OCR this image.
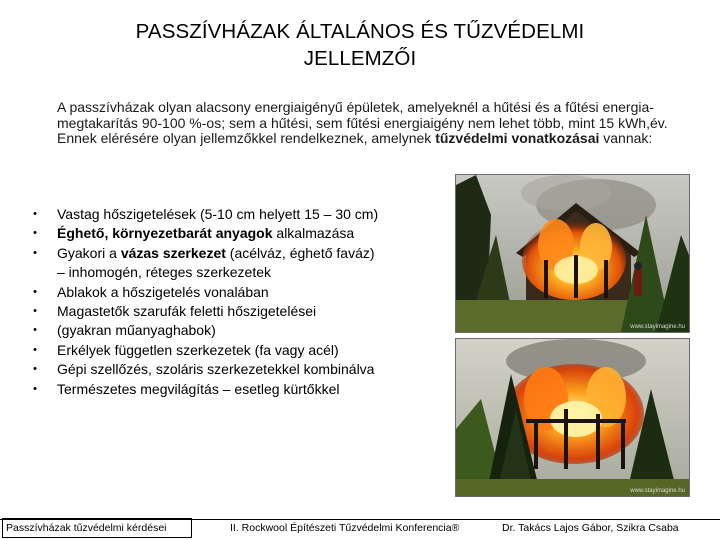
PASSZÍVHÁZAK ÁLTALÁNOS ÉS TŰZVÉDELMI
JELLEMZŐI
A passzívházak olyan alacsony energiaigényű épületek, amelyeknél a hűtési és a fűtési energia-megtakarítás 90-100 %-os; sem a hűtési, sem fűtési energiaigény nem lehet több, mint 15 kWh,év. Ennek elérésére olyan jellemzőkkel rendelkeznek, amelynek tűzvédelmi vonatkozásai vannak:
• Vastag hőszigetelések (5-10 cm helyett 15 – 30 cm)
• Éghető, környezetbarát anyagok alkalmazása
• Gyakori a vázas szerkezet (acélváz, éghető faváz)
– inhomogén, réteges szerkezetek
• Ablakok a hőszigetelés vonalában
• Magastetők szarufák feletti hőszigetelései
• (gyakran műanyaghabok)
• Erkélyek független szerkezetek (fa vagy acél)
• Gépi szellőzés, szoláris szerkezetekkel kombinálva
• Természetes megvilágítás – esetleg kürtőkkel
www.stayimagine.hu
www.stayimagine.hu
Passzívházak tűzvédelmi kérdései	II. Rockwool Építészeti Tűzvédelmi Konferencia®	Dr. Takács Lajos Gábor, Szikra Csaba
